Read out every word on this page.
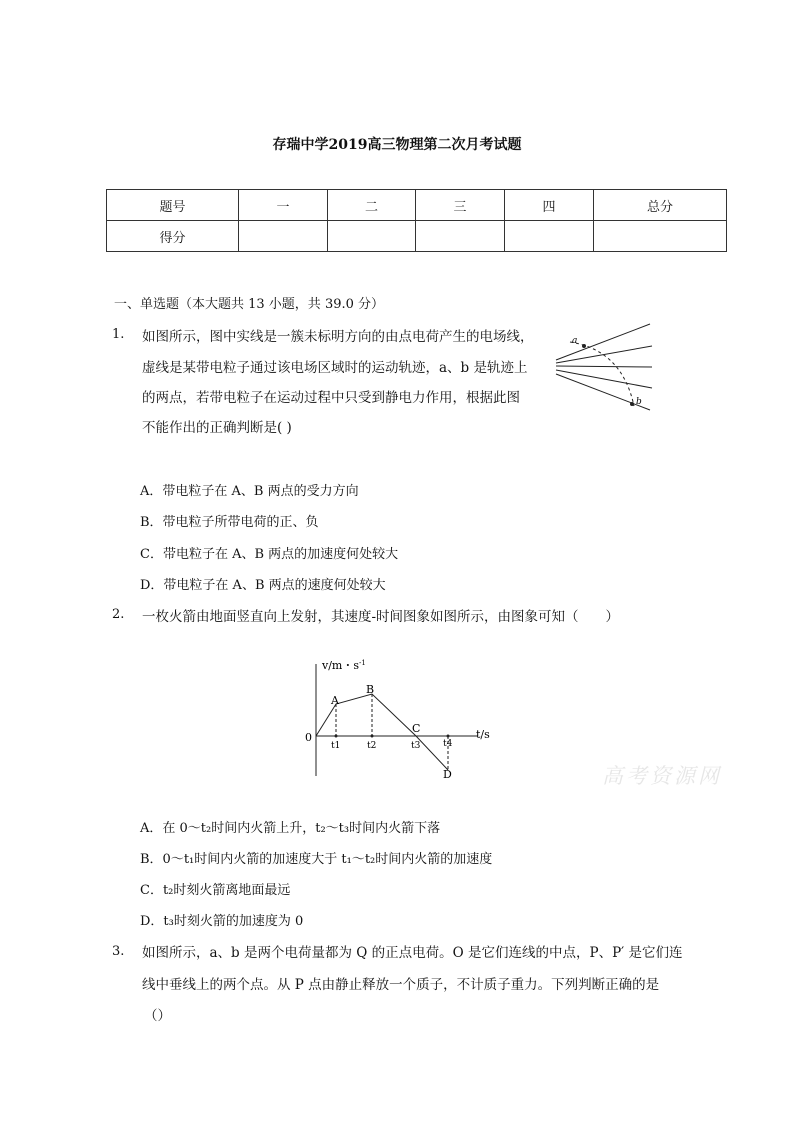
存瑞中学2019高三物理第二次月考试题
题号	一	二	三	四	总分
得分					
一、单选题（本大题共 13 小题，共 39.0 分）
1. 如图所示，图中实线是一簇未标明方向的由点电荷产生的电场线，
虚线是某带电粒子通过该电场区域时的运动轨迹，a、b 是轨迹上
的两点，若带电粒子在运动过程中只受到静电力作用，根据此图
不能作出的正确判断是( )
a
b
A．带电粒子在 A、B 两点的受力方向
B．带电粒子所带电荷的正、负
C．带电粒子在 A、B 两点的加速度何处较大
D．带电粒子在 A、B 两点的速度何处较大
2. 一枚火箭由地面竖直向上发射，其速度-时间图象如图所示，由图象可知（　　）
v/m・$s^{-1}$
t/s
0
A
B
C
D
t1	t2	t3	t4
高考资源网
A．在 0～t₂时间内火箭上升，t₂～t₃时间内火箭下落
B．0～t₁时间内火箭的加速度大于 t₁～t₂时间内火箭的加速度
C．t₂时刻火箭离地面最远
D．t₃时刻火箭的加速度为 0
3. 如图所示，a、b 是两个电荷量都为 Q 的正点电荷。O 是它们连线的中点，P、P′ 是它们连
线中垂线上的两个点。从 P 点由静止释放一个质子，不计质子重力。下列判断正确的是
（）
